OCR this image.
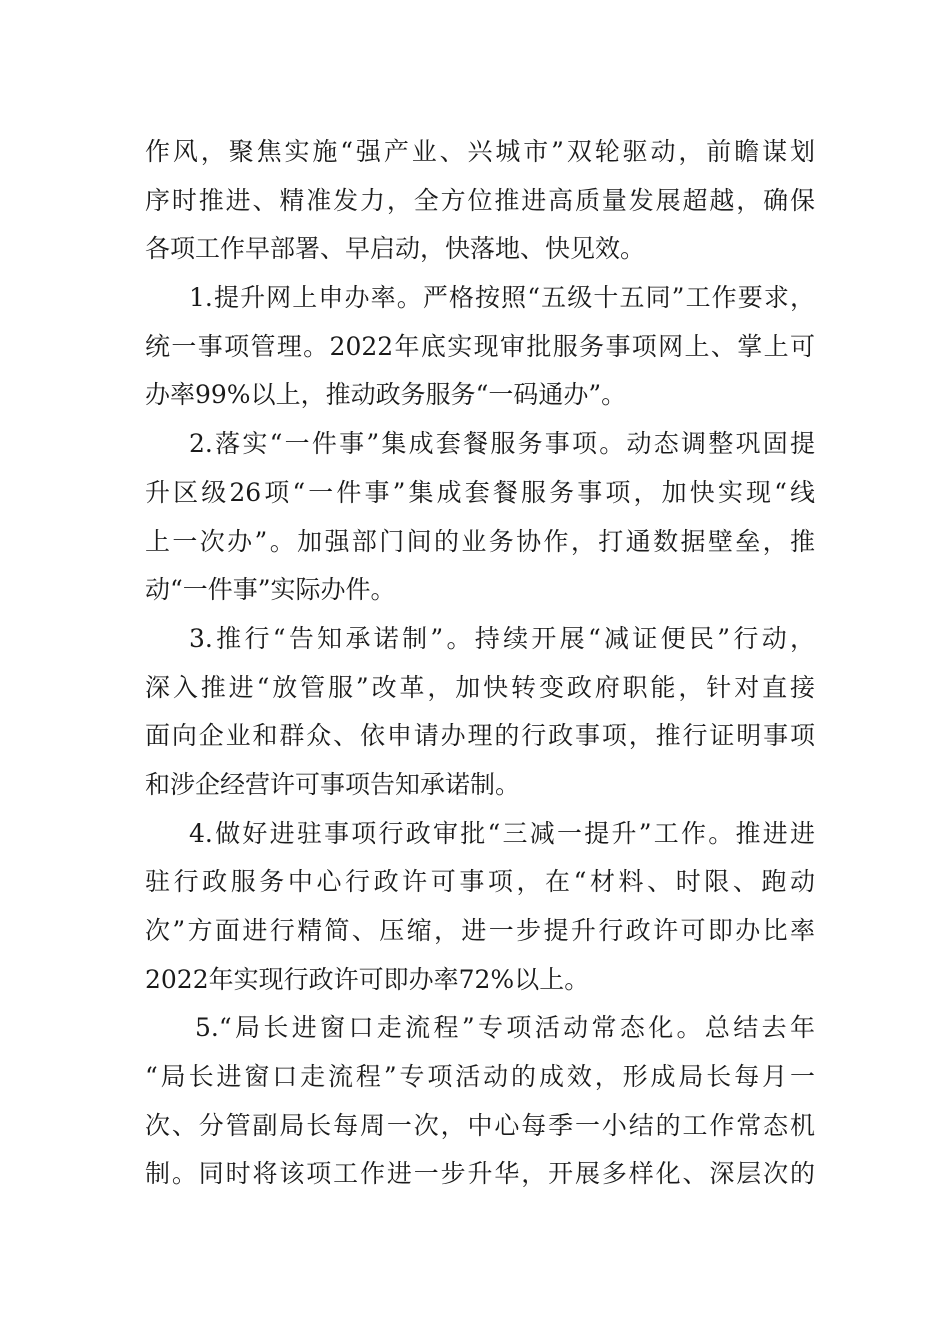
作风，聚焦实施“强产业、兴城市”双轮驱动，前瞻谋划
序时推进、精准发力，全方位推进高质量发展超越，确保
各项工作早部署、早启动，快落地、快见效。
1.提升网上申办率。严格按照“五级十五同”工作要求，
统一事项管理。2022年底实现审批服务事项网上、掌上可
办率99%以上，推动政务服务“一码通办”。
2.落实“一件事”集成套餐服务事项。动态调整巩固提
升区级26项“一件事”集成套餐服务事项，加快实现“线
上一次办”。加强部门间的业务协作，打通数据壁垒，推
动“一件事”实际办件。
3.推行“告知承诺制”。持续开展“减证便民”行动，
深入推进“放管服”改革，加快转变政府职能，针对直接
面向企业和群众、依申请办理的行政事项，推行证明事项
和涉企经营许可事项告知承诺制。
4.做好进驻事项行政审批“三减一提升”工作。推进进
驻行政服务中心行政许可事项，在“材料、时限、跑动
次”方面进行精简、压缩，进一步提升行政许可即办比率
2022年实现行政许可即办率72%以上。
5.“局长进窗口走流程”专项活动常态化。总结去年
“局长进窗口走流程”专项活动的成效，形成局长每月一
次、分管副局长每周一次，中心每季一小结的工作常态机
制。同时将该项工作进一步升华，开展多样化、深层次的
